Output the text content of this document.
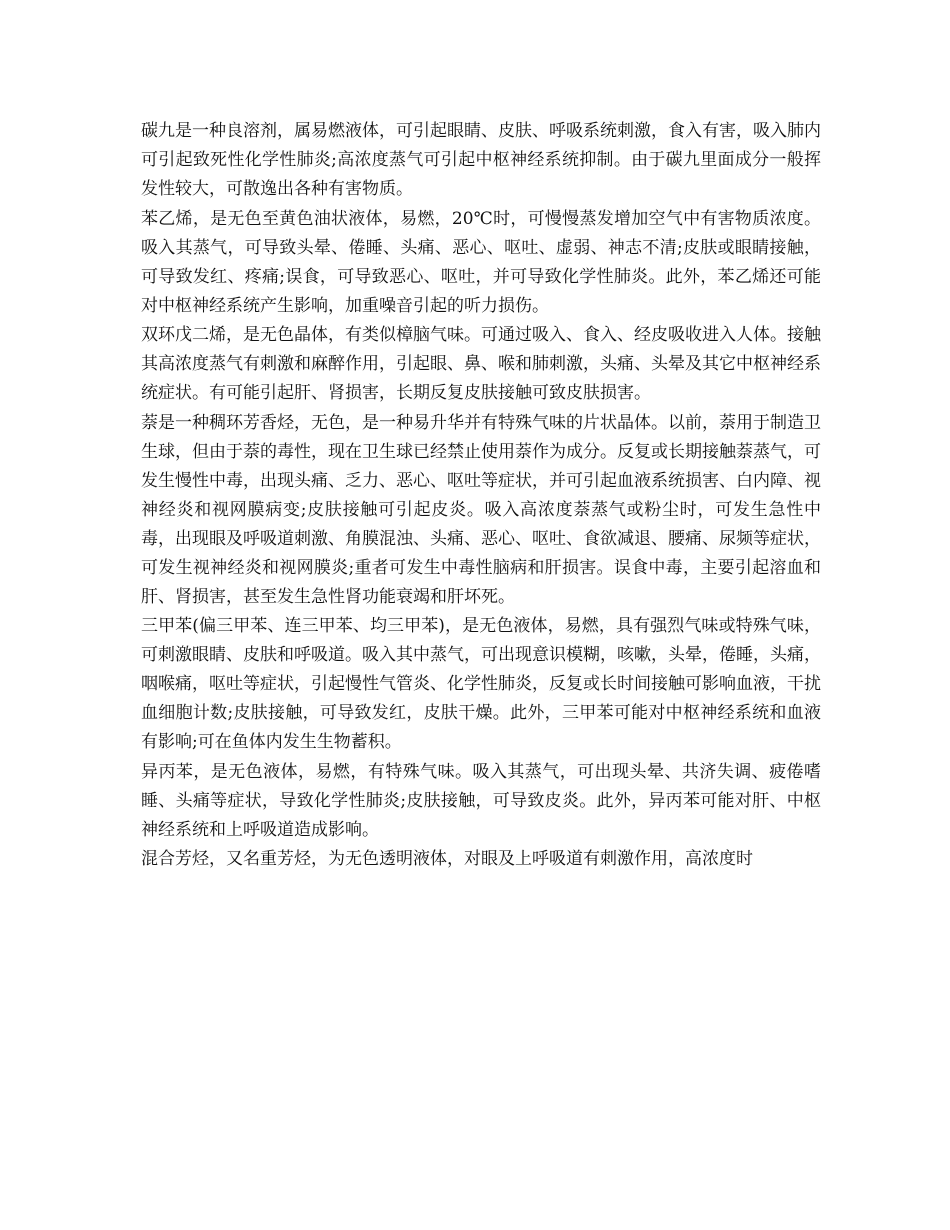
碳九是一种良溶剂，属易燃液体，可引起眼睛、皮肤、呼吸系统刺激，食入有害，吸入肺内可引起致死性化学性肺炎;高浓度蒸气可引起中枢神经系统抑制。由于碳九里面成分一般挥发性较大，可散逸出各种有害物质。

苯乙烯，是无色至黄色油状液体，易燃，20℃时，可慢慢蒸发增加空气中有害物质浓度。吸入其蒸气，可导致头晕、倦睡、头痛、恶心、呕吐、虚弱、神志不清;皮肤或眼睛接触，可导致发红、疼痛;误食，可导致恶心、呕吐，并可导致化学性肺炎。此外，苯乙烯还可能对中枢神经系统产生影响，加重噪音引起的听力损伤。

双环戊二烯，是无色晶体，有类似樟脑气味。可通过吸入、食入、经皮吸收进入人体。接触其高浓度蒸气有刺激和麻醉作用，引起眼、鼻、喉和肺刺激，头痛、头晕及其它中枢神经系统症状。有可能引起肝、肾损害，长期反复皮肤接触可致皮肤损害。

萘是一种稠环芳香烃，无色，是一种易升华并有特殊气味的片状晶体。以前，萘用于制造卫生球，但由于萘的毒性，现在卫生球已经禁止使用萘作为成分。反复或长期接触萘蒸气，可发生慢性中毒，出现头痛、乏力、恶心、呕吐等症状，并可引起血液系统损害、白内障、视神经炎和视网膜病变;皮肤接触可引起皮炎。吸入高浓度萘蒸气或粉尘时，可发生急性中毒，出现眼及呼吸道刺激、角膜混浊、头痛、恶心、呕吐、食欲减退、腰痛、尿频等症状，可发生视神经炎和视网膜炎;重者可发生中毒性脑病和肝损害。误食中毒，主要引起溶血和肝、肾损害，甚至发生急性肾功能衰竭和肝坏死。

三甲苯(偏三甲苯、连三甲苯、均三甲苯)，是无色液体，易燃，具有强烈气味或特殊气味，可刺激眼睛、皮肤和呼吸道。吸入其中蒸气，可出现意识模糊，咳嗽，头晕，倦睡，头痛，咽喉痛，呕吐等症状，引起慢性气管炎、化学性肺炎，反复或长时间接触可影响血液，干扰血细胞计数;皮肤接触，可导致发红，皮肤干燥。此外，三甲苯可能对中枢神经系统和血液有影响;可在鱼体内发生生物蓄积。

异丙苯，是无色液体，易燃，有特殊气味。吸入其蒸气，可出现头晕、共济失调、疲倦嗜睡、头痛等症状，导致化学性肺炎;皮肤接触，可导致皮炎。此外，异丙苯可能对肝、中枢神经系统和上呼吸道造成影响。

混合芳烃，又名重芳烃，为无色透明液体，对眼及上呼吸道有刺激作用，高浓度时
